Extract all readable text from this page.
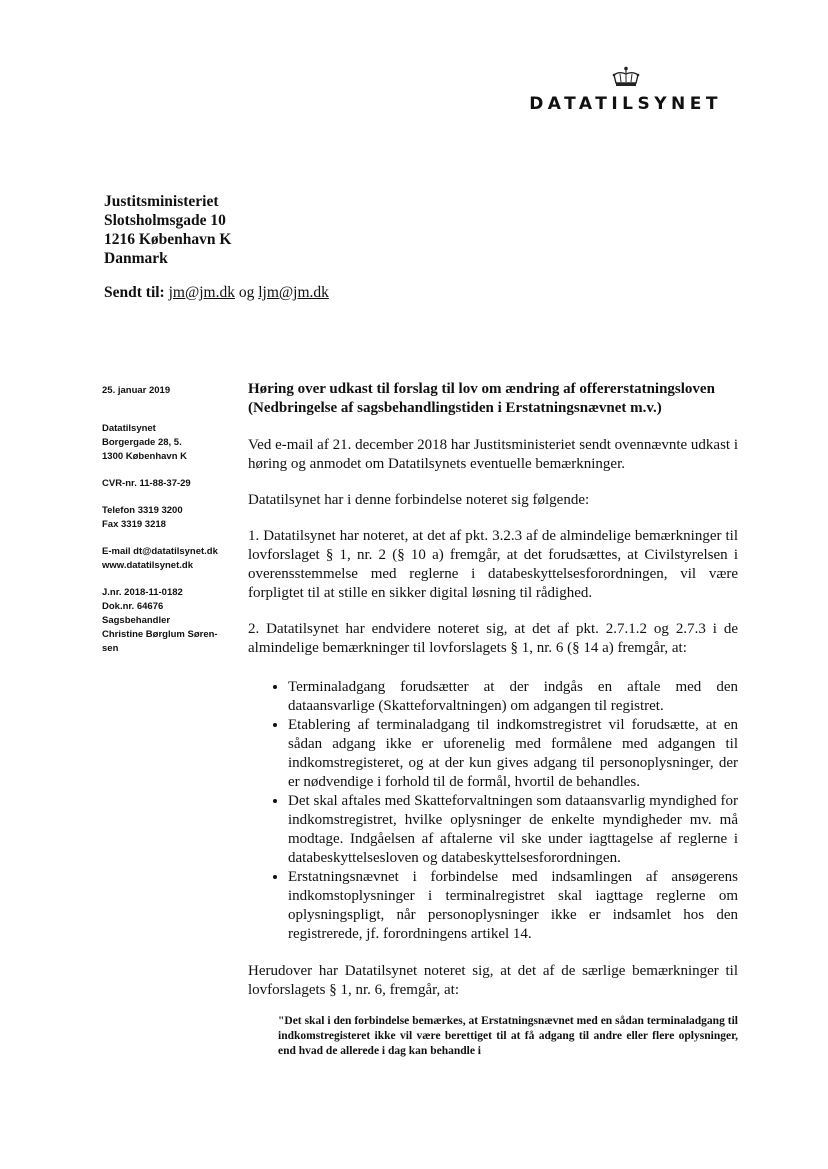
DATATILSYNET
Justitsministeriet
Slotsholmsgade 10
1216 København K
Danmark
Sendt til: jm@jm.dk og ljm@jm.dk
25. januar 2019
Datatilsynet
Borgergade 28, 5.
1300 København K
CVR-nr. 11-88-37-29
Telefon 3319 3200
Fax 3319 3218
E-mail dt@datatilsynet.dk
www.datatilsynet.dk
J.nr. 2018-11-0182
Dok.nr. 64676
Sagsbehandler
Christine Børglum Søren-
sen
Høring over udkast til forslag til lov om ændring af offererstatningsloven (Nedbringelse af sagsbehandlingstiden i Erstatningsnævnet m.v.)

Ved e-mail af 21. december 2018 har Justitsministeriet sendt ovennævnte udkast i høring og anmodet om Datatilsynets eventuelle bemærkninger.

Datatilsynet har i denne forbindelse noteret sig følgende:

1. Datatilsynet har noteret, at det af pkt. 3.2.3 af de almindelige bemærkninger til lovforslaget § 1, nr. 2 (§ 10 a) fremgår, at det forudsættes, at Civilstyrelsen i overensstemmelse med reglerne i databeskyttelsesforordningen, vil være forpligtet til at stille en sikker digital løsning til rådighed.

2. Datatilsynet har endvidere noteret sig, at det af pkt. 2.7.1.2 og 2.7.3 i de almindelige bemærkninger til lovforslagets § 1, nr. 6 (§ 14 a) fremgår, at:

• Terminaladgang forudsætter at der indgås en aftale med den dataansvarlige (Skatteforvaltningen) om adgangen til registret.
• Etablering af terminaladgang til indkomstregistret vil forudsætte, at en sådan adgang ikke er uforenelig med formålene med adgangen til indkomstregisteret, og at der kun gives adgang til personoplysninger, der er nødvendige i forhold til de formål, hvortil de behandles.
• Det skal aftales med Skatteforvaltningen som dataansvarlig myndighed for indkomstregistret, hvilke oplysninger de enkelte myndigheder mv. må modtage. Indgåelsen af aftalerne vil ske under iagttagelse af reglerne i databeskyttelsesloven og databeskyttelsesforordningen.
• Erstatningsnævnet i forbindelse med indsamlingen af ansøgerens indkomstoplysninger i terminalregistret skal iagttage reglerne om oplysningspligt, når personoplysninger ikke er indsamlet hos den registrerede, jf. forordningens artikel 14.

Herudover har Datatilsynet noteret sig, at det af de særlige bemærkninger til lovforslagets § 1, nr. 6, fremgår, at:

"Det skal i den forbindelse bemærkes, at Erstatningsnævnet med en sådan terminaladgang til indkomstregisteret ikke vil være berettiget til at få adgang til andre eller flere oplysninger, end hvad de allerede i dag kan behandle i
